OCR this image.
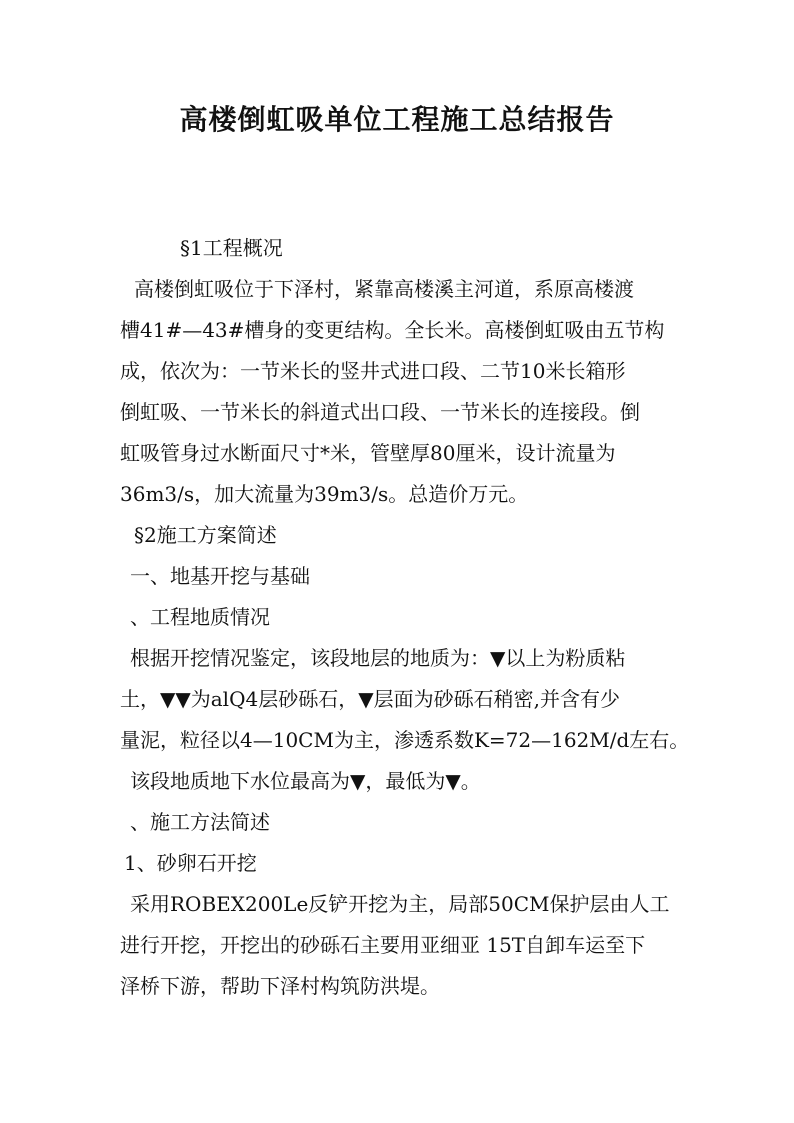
高楼倒虹吸单位工程施工总结报告
§1工程概况
高楼倒虹吸位于下泽村，紧靠高楼溪主河道，系原高楼渡
槽41#—43#槽身的变更结构。全长米。高楼倒虹吸由五节构
成，依次为：一节米长的竖井式进口段、二节10米长箱形
倒虹吸、一节米长的斜道式出口段、一节米长的连接段。倒
虹吸管身过水断面尺寸*米，管壁厚80厘米，设计流量为
36m3/s，加大流量为39m3/s。总造价万元。
§2施工方案简述
一、地基开挖与基础
、工程地质情况
根据开挖情况鉴定，该段地层的地质为：▼以上为粉质粘
土，▼▼为alQ4层砂砾石，▼层面为砂砾石稍密,并含有少
量泥，粒径以4—10CM为主，渗透系数K=72—162M/d左右。
该段地质地下水位最高为▼，最低为▼。
、施工方法简述
1、砂卵石开挖
采用ROBEX200Le反铲开挖为主，局部50CM保护层由人工
进行开挖，开挖出的砂砾石主要用亚细亚 15T自卸车运至下
泽桥下游，帮助下泽村构筑防洪堤。
